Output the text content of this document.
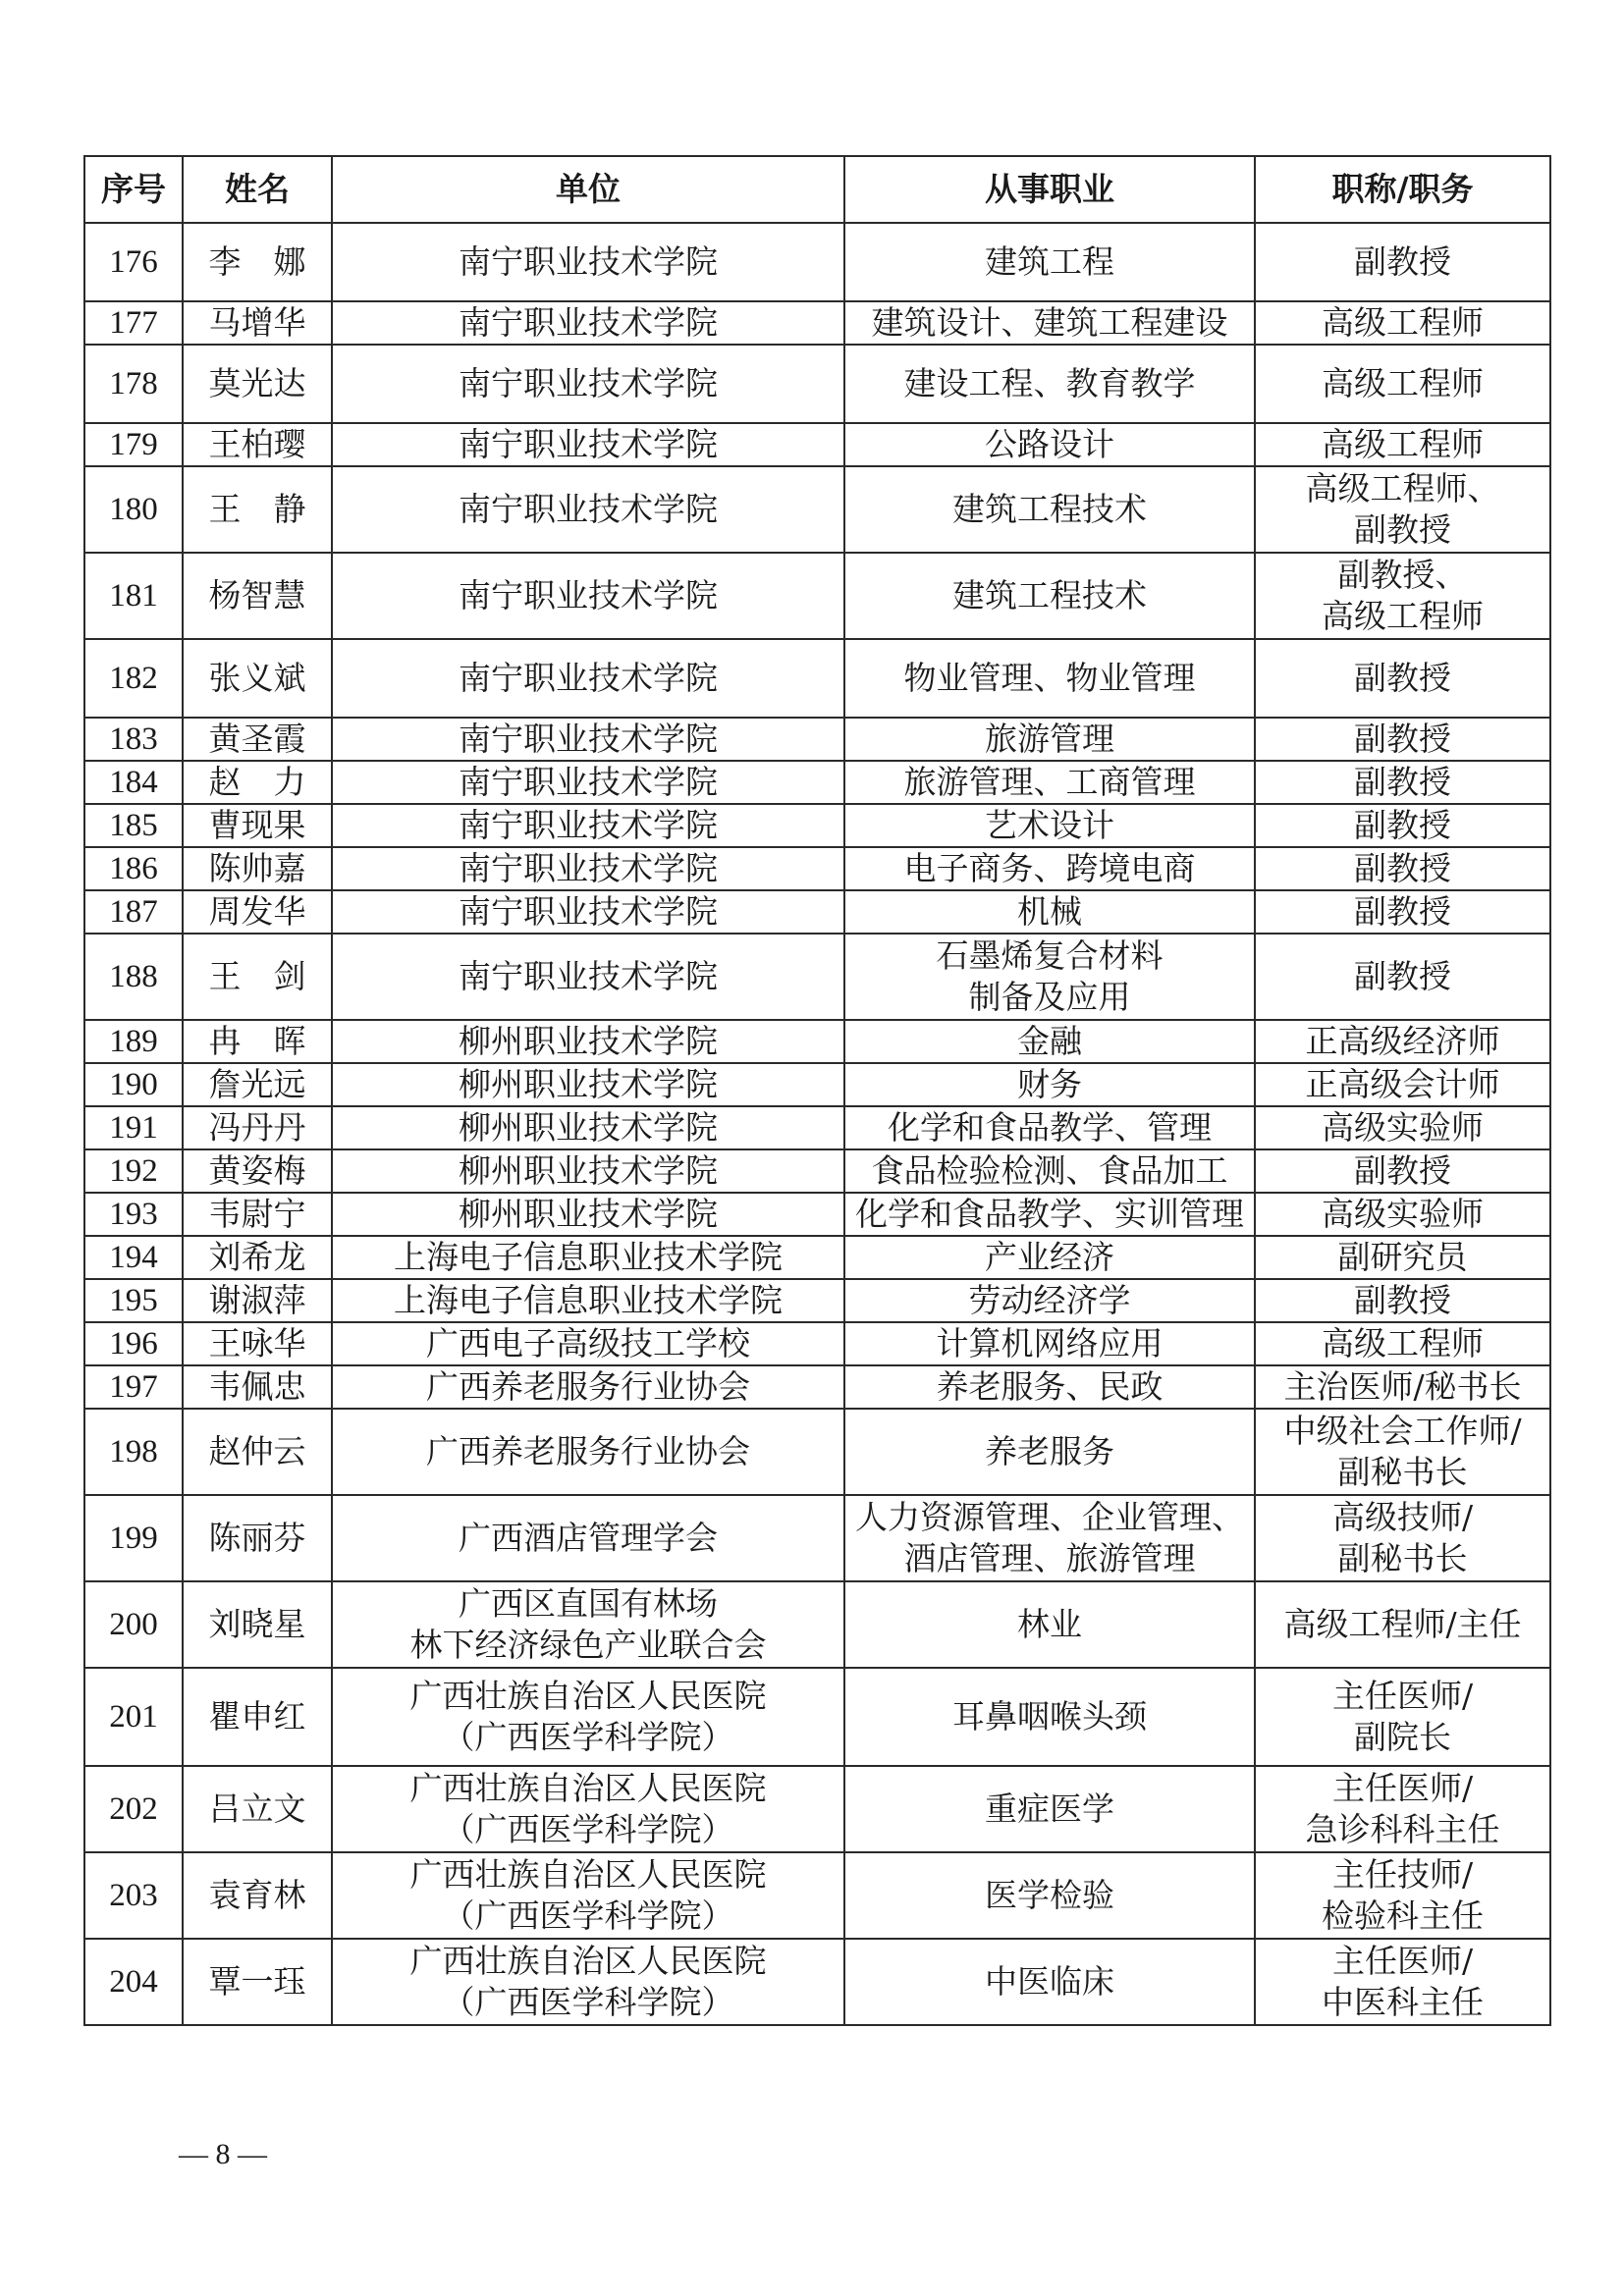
序号	姓名	单位	从事职业	职称/职务
176	李　娜	南宁职业技术学院	建筑工程	副教授

177	马增华	南宁职业技术学院	建筑设计、建筑工程建设	高级工程师

178	莫光达	南宁职业技术学院	建设工程、教育教学	高级工程师

179	王柏璎	南宁职业技术学院	公路设计	高级工程师

180	王　静	南宁职业技术学院	建筑工程技术	高级工程师、
副教授

181	杨智慧	南宁职业技术学院	建筑工程技术	副教授、
高级工程师

182	张义斌	南宁职业技术学院	物业管理、物业管理	副教授

183	黄圣霞	南宁职业技术学院	旅游管理	副教授

184	赵　力	南宁职业技术学院	旅游管理、工商管理	副教授

185	曹现果	南宁职业技术学院	艺术设计	副教授

186	陈帅嘉	南宁职业技术学院	电子商务、跨境电商	副教授

187	周发华	南宁职业技术学院	机械	副教授

188	王　剑	南宁职业技术学院	石墨烯复合材料
制备及应用	副教授

189	冉　晖	柳州职业技术学院	金融	正高级经济师

190	詹光远	柳州职业技术学院	财务	正高级会计师

191	冯丹丹	柳州职业技术学院	化学和食品教学、管理	高级实验师

192	黄姿梅	柳州职业技术学院	食品检验检测、食品加工	副教授

193	韦尉宁	柳州职业技术学院	化学和食品教学、实训管理	高级实验师

194	刘希龙	上海电子信息职业技术学院	产业经济	副研究员

195	谢淑萍	上海电子信息职业技术学院	劳动经济学	副教授

196	王咏华	广西电子高级技工学校	计算机网络应用	高级工程师

197	韦佩忠	广西养老服务行业协会	养老服务、民政	主治医师/秘书长

198	赵仲云	广西养老服务行业协会	养老服务	中级社会工作师/
副秘书长

199	陈丽芬	广西酒店管理学会	人力资源管理、企业管理、
酒店管理、旅游管理	高级技师/
副秘书长

200	刘晓星	广西区直国有林场
林下经济绿色产业联合会	林业	高级工程师/主任

201	瞿申红	广西壮族自治区人民医院
（广西医学科学院）	耳鼻咽喉头颈	主任医师/
副院长

202	吕立文	广西壮族自治区人民医院
（广西医学科学院）	重症医学	主任医师/
急诊科科主任

203	袁育林	广西壮族自治区人民医院
（广西医学科学院）	医学检验	主任技师/
检验科主任

204	覃一珏	广西壮族自治区人民医院
（广西医学科学院）	中医临床	主任医师/
中医科主任
— 8 —
